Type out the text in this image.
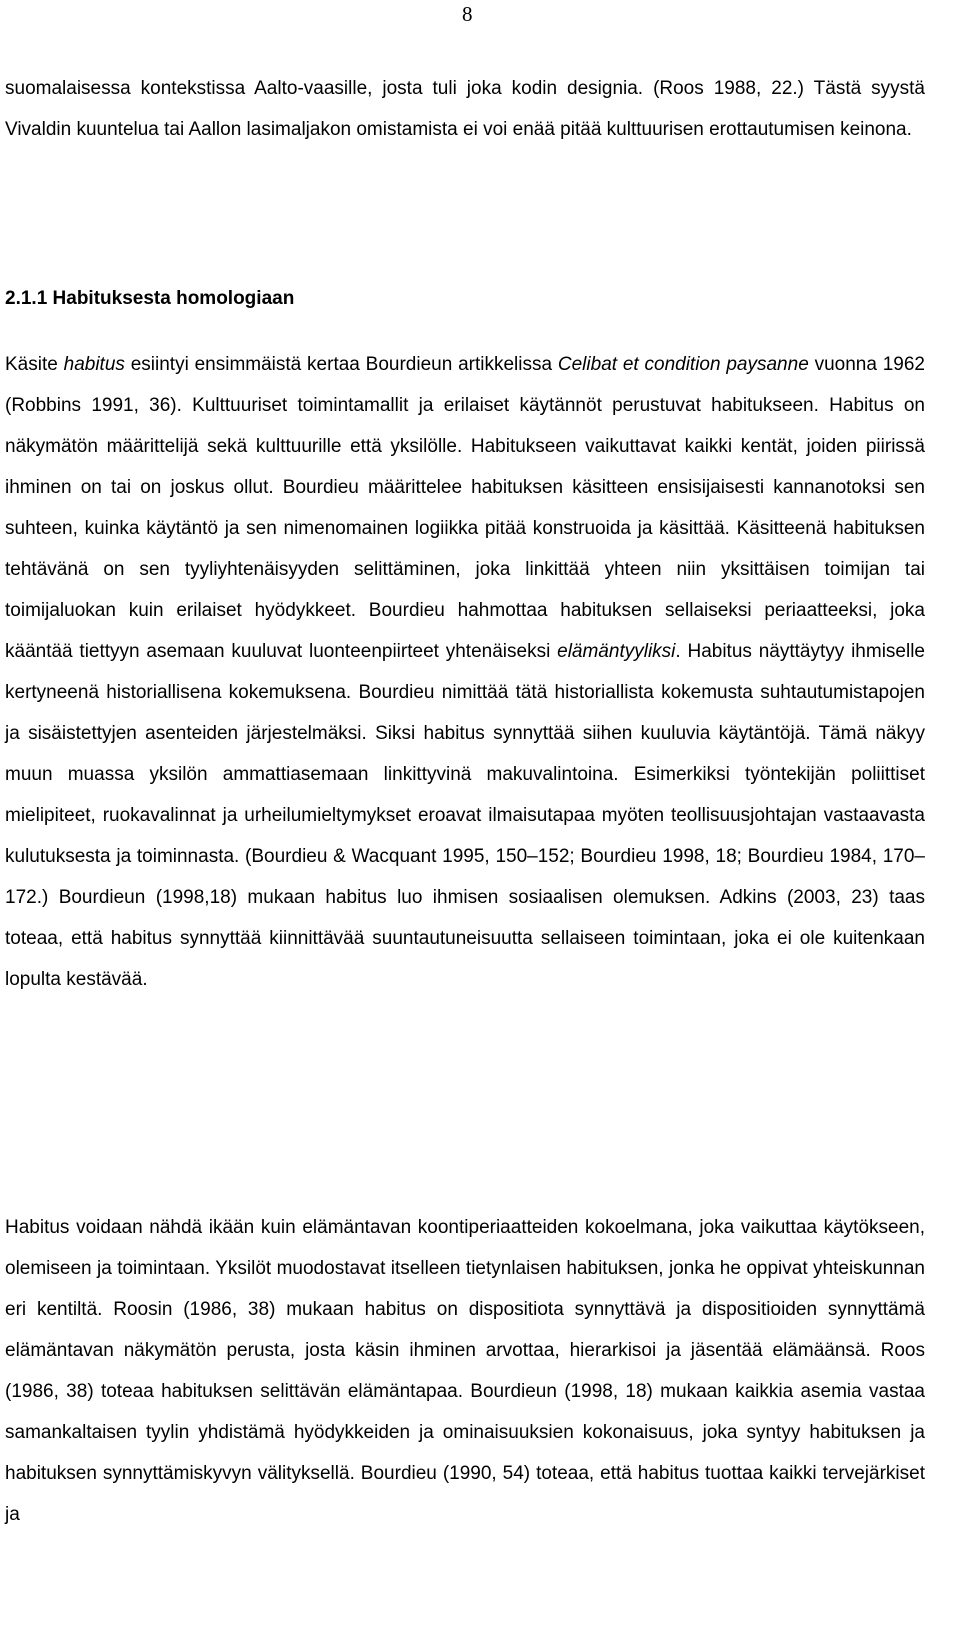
8

suomalaisessa kontekstissa Aalto-vaasille, josta tuli joka kodin designia. (Roos 1988, 22.) Tästä syystä Vivaldin kuuntelua tai Aallon lasimaljakon omistamista ei voi enää pitää kulttuurisen erottautumisen keinona.

2.1.1 Habituksesta homologiaan

Käsite habitus esiintyi ensimmäistä kertaa Bourdieun artikkelissa Celibat et condition paysanne vuonna 1962 (Robbins 1991, 36). Kulttuuriset toimintamallit ja erilaiset käytännöt perustuvat habitukseen. Habitus on näkymätön määrittelijä sekä kulttuurille että yksilölle. Habitukseen vaikuttavat kaikki kentät, joiden piirissä ihminen on tai on joskus ollut. Bourdieu määrittelee habituksen käsitteen ensisijaisesti kannanotoksi sen suhteen, kuinka käytäntö ja sen nimenomainen logiikka pitää konstruoida ja käsittää. Käsitteenä habituksen tehtävänä on sen tyyliyhtenäisyyden selittäminen, joka linkittää yhteen niin yksittäisen toimijan tai toimijaluokan kuin erilaiset hyödykkeet. Bourdieu hahmottaa habituksen sellaiseksi periaatteeksi, joka kääntää tiettyyn asemaan kuuluvat luonteenpiirteet yhtenäiseksi elämäntyyliksi. Habitus näyttäytyy ihmiselle kertyneenä historiallisena kokemuksena. Bourdieu nimittää tätä historiallista kokemusta suhtautumistapojen ja sisäistettyjen asenteiden järjestelmäksi. Siksi habitus synnyttää siihen kuuluvia käytäntöjä. Tämä näkyy muun muassa yksilön ammattiasemaan linkittyvinä makuvalintoina. Esimerkiksi työntekijän poliittiset mielipiteet, ruokavalinnat ja urheilumieltymykset eroavat ilmaisutapaa myöten teollisuusjohtajan vastaavasta kulutuksesta ja toiminnasta. (Bourdieu & Wacquant 1995, 150–152; Bourdieu 1998, 18; Bourdieu 1984, 170–172.) Bourdieun (1998,18) mukaan habitus luo ihmisen sosiaalisen olemuksen. Adkins (2003, 23) taas toteaa, että habitus synnyttää kiinnittävää suuntautuneisuutta sellaiseen toimintaan, joka ei ole kuitenkaan lopulta kestävää.

Habitus voidaan nähdä ikään kuin elämäntavan koontiperiaatteiden kokoelmana, joka vaikuttaa käytökseen, olemiseen ja toimintaan. Yksilöt muodostavat itselleen tietynlaisen habituksen, jonka he oppivat yhteiskunnan eri kentiltä. Roosin (1986, 38) mukaan habitus on dispositiota synnyttävä ja dispositioiden synnyttämä elämäntavan näkymätön perusta, josta käsin ihminen arvottaa, hierarkisoi ja jäsentää elämäänsä. Roos (1986, 38) toteaa habituksen selittävän elämäntapaa. Bourdieun (1998, 18) mukaan kaikkia asemia vastaa samankaltaisen tyylin yhdistämä hyödykkeiden ja ominaisuuksien kokonaisuus, joka syntyy habituksen ja habituksen synnyttämiskyvyn välityksellä. Bourdieu (1990, 54) toteaa, että habitus tuottaa kaikki tervejärkiset ja
